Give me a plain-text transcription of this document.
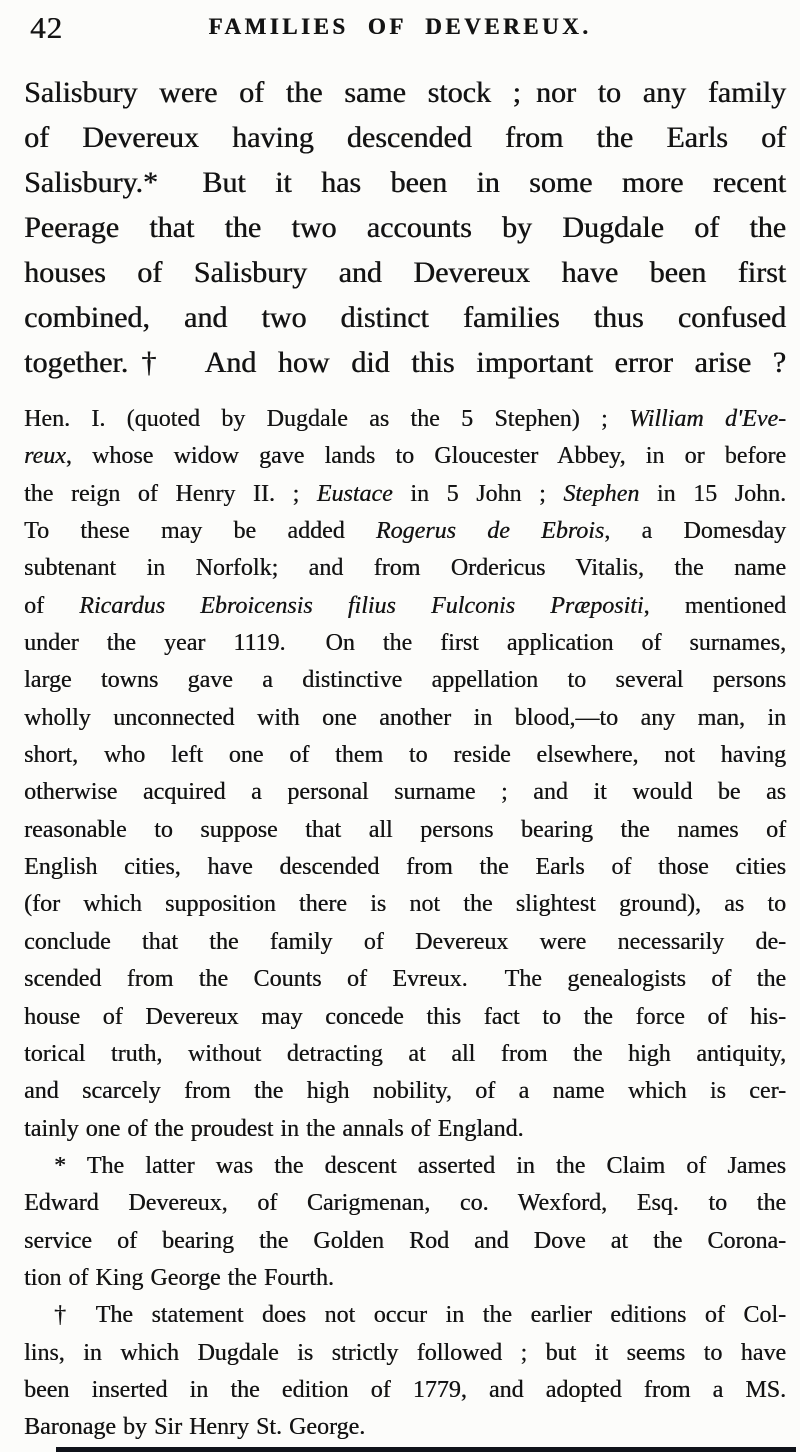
42	FAMILIES OF DEVEREUX.
Salisbury were of the same stock ; nor to any family
of Devereux having descended from the Earls of
Salisbury.*  But it has been in some more recent
Peerage that the two accounts by Dugdale of the
houses of Salisbury and Devereux have been first
combined, and two distinct families thus confused
together.†  And how did this important error arise ?
Hen. I. (quoted by Dugdale as the 5 Stephen) ; William d'Eve-
reux, whose widow gave lands to Gloucester Abbey, in or before
the reign of Henry II. ; Eustace in 5 John ; Stephen in 15 John.
To these may be added Rogerus de Ebrois, a Domesday
subtenant in Norfolk; and from Ordericus Vitalis, the name
of Ricardus Ebroicensis filius Fulconis Præpositi, mentioned
under the year 1119.  On the first application of surnames,
large towns gave a distinctive appellation to several persons
wholly unconnected with one another in blood,—to any man, in
short, who left one of them to reside elsewhere, not having
otherwise acquired a personal surname ; and it would be as
reasonable to suppose that all persons bearing the names of
English cities, have descended from the Earls of those cities
(for which supposition there is not the slightest ground), as to
conclude that the family of Devereux were necessarily de-
scended from the Counts of Evreux.  The genealogists of the
house of Devereux may concede this fact to the force of his-
torical truth, without detracting at all from the high antiquity,
and scarcely from the high nobility, of a name which is cer-
tainly one of the proudest in the annals of England.
* The latter was the descent asserted in the Claim of James
Edward Devereux, of Carigmenan, co. Wexford, Esq. to the
service of bearing the Golden Rod and Dove at the Corona-
tion of King George the Fourth.
† The statement does not occur in the earlier editions of Col-
lins, in which Dugdale is strictly followed ; but it seems to have
been inserted in the edition of 1779, and adopted from a MS.
Baronage by Sir Henry St. George.
